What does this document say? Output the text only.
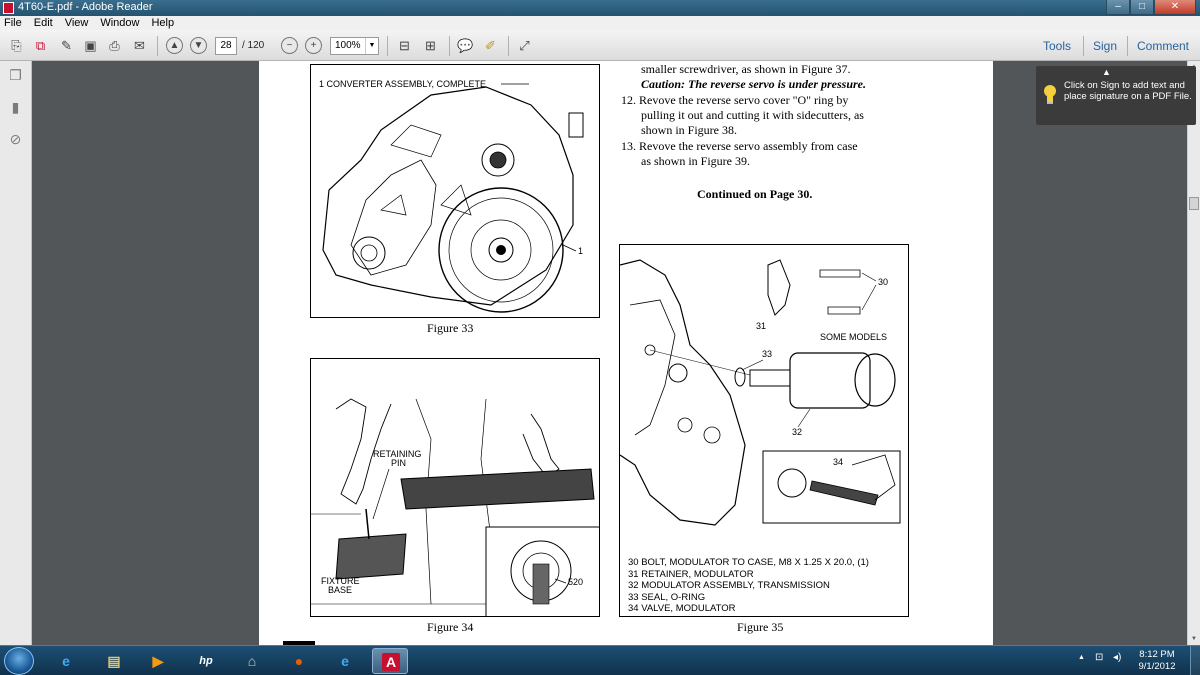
4T60-E.pdf - Adobe Reader	–	□	✕
File Edit View Window Help
⎘ ⧉ ✎ ▣ ⎙ ✉	▲	▼	28	/ 120	−	+	100%	▼ ⊟ ⊞ 💬 ✐ ⤢	Tools Sign Comment
❐
▮
⊘
1 CONVERTER ASSEMBLY, COMPLETE
1
Figure 33
520
RETAINING
PIN
FIXTURE
BASE
Figure 34
smaller screwdriver, as shown in Figure 37.
Caution: The reverse servo is under pressure.
12. Revove the reverse servo cover "O" ring by
pulling it out and cutting it with sidecutters, as
shown in Figure 38.
13. Revove the reverse servo assembly from case
as shown in Figure 39.
Continued on Page 30.
30
31
SOME MODELS
33
32
34
30 BOLT, MODULATOR TO CASE, M8 X 1.25 X 20.0, (1)
31 RETAINER, MODULATOR
32 MODULATOR ASSEMBLY, TRANSMISSION
33 SEAL, O-RING
34 VALVE, MODULATOR
Figure 35
▼
▲
Click on Sign to add text and place signature on a PDF File.
e	▤ ▶	hp	⌂	●	e	A	▲ ⊡ ◂)	8:12 PM
9/1/2012
